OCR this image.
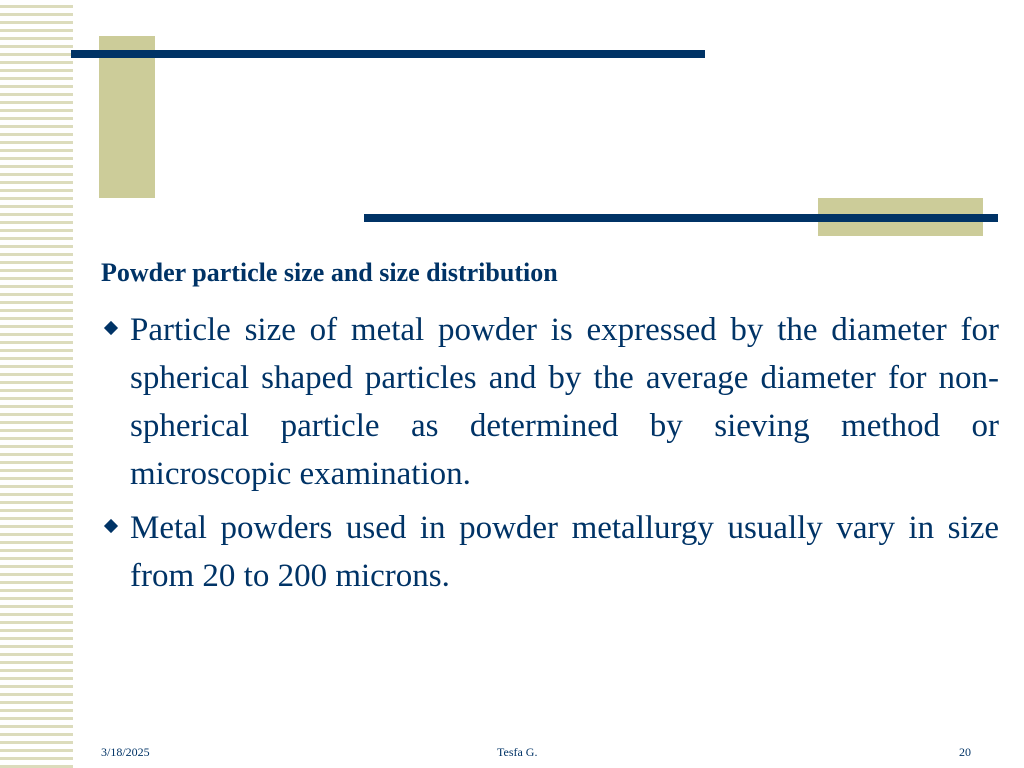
Powder particle size and size distribution
Particle size of metal powder is expressed by the diameter for spherical shaped particles and by the average diameter for non-spherical particle as determined by sieving method or microscopic examination.
Metal powders used in powder metallurgy usually vary in size from 20 to 200 microns.
3/18/2025	Tesfa G.	20
